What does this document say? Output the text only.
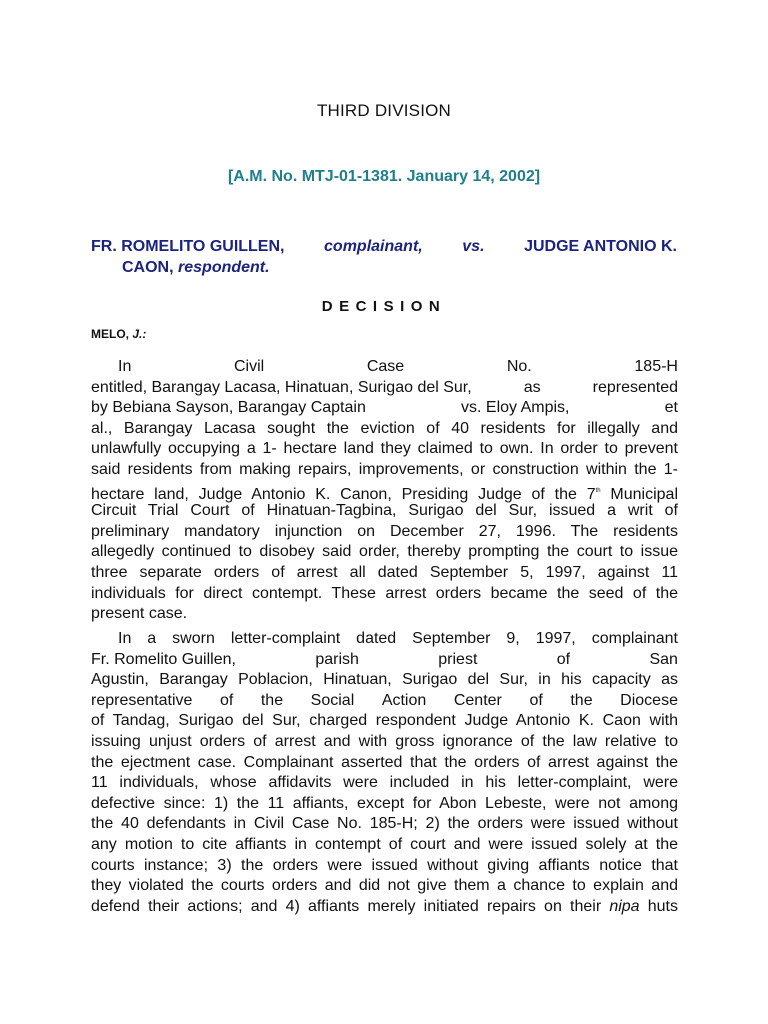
THIRD DIVISION
[A.M. No. MTJ-01-1381. January 14, 2002]
FR. ROMELITO GUILLEN, complainant, vs. JUDGE ANTONIO K.
CAON, respondent.
DECISION
MELO, J.:
In	Civil	Case	No.	185-H
entitled, Barangay Lacasa, Hinatuan, Surigao del Sur,	as	represented
by Bebiana Sayson, Barangay Captain	vs. Eloy Ampis,	et
al., Barangay Lacasa sought the eviction of 40 residents for illegally and
unlawfully occupying a 1- hectare land they claimed to own. In order to prevent
said residents from making repairs, improvements, or construction within the 1-
hectare land, Judge Antonio K. Canon, Presiding Judge of the 7th Municipal
Circuit Trial Court of Hinatuan-Tagbina, Surigao del Sur, issued a writ of
preliminary mandatory injunction on December 27, 1996. The residents
allegedly continued to disobey said order, thereby prompting the court to issue
three separate orders of arrest all dated September 5, 1997, against 11
individuals for direct contempt. These arrest orders became the seed of the
present case.
In a sworn letter-complaint dated September 9, 1997, complainant
Fr. Romelito Guillen,	parish	priest	of	San
Agustin, Barangay Poblacion, Hinatuan, Surigao del Sur, in his capacity as
representative of the Social Action Center of the Diocese
of Tandag, Surigao del Sur, charged respondent Judge Antonio K. Caon with
issuing unjust orders of arrest and with gross ignorance of the law relative to
the ejectment case. Complainant asserted that the orders of arrest against the
11 individuals, whose affidavits were included in his letter-complaint, were
defective since: 1) the 11 affiants, except for Abon Lebeste, were not among
the 40 defendants in Civil Case No. 185-H; 2) the orders were issued without
any motion to cite affiants in contempt of court and were issued solely at the
courts instance; 3) the orders were issued without giving affiants notice that
they violated the courts orders and did not give them a chance to explain and
defend their actions; and 4) affiants merely initiated repairs on their nipa huts
